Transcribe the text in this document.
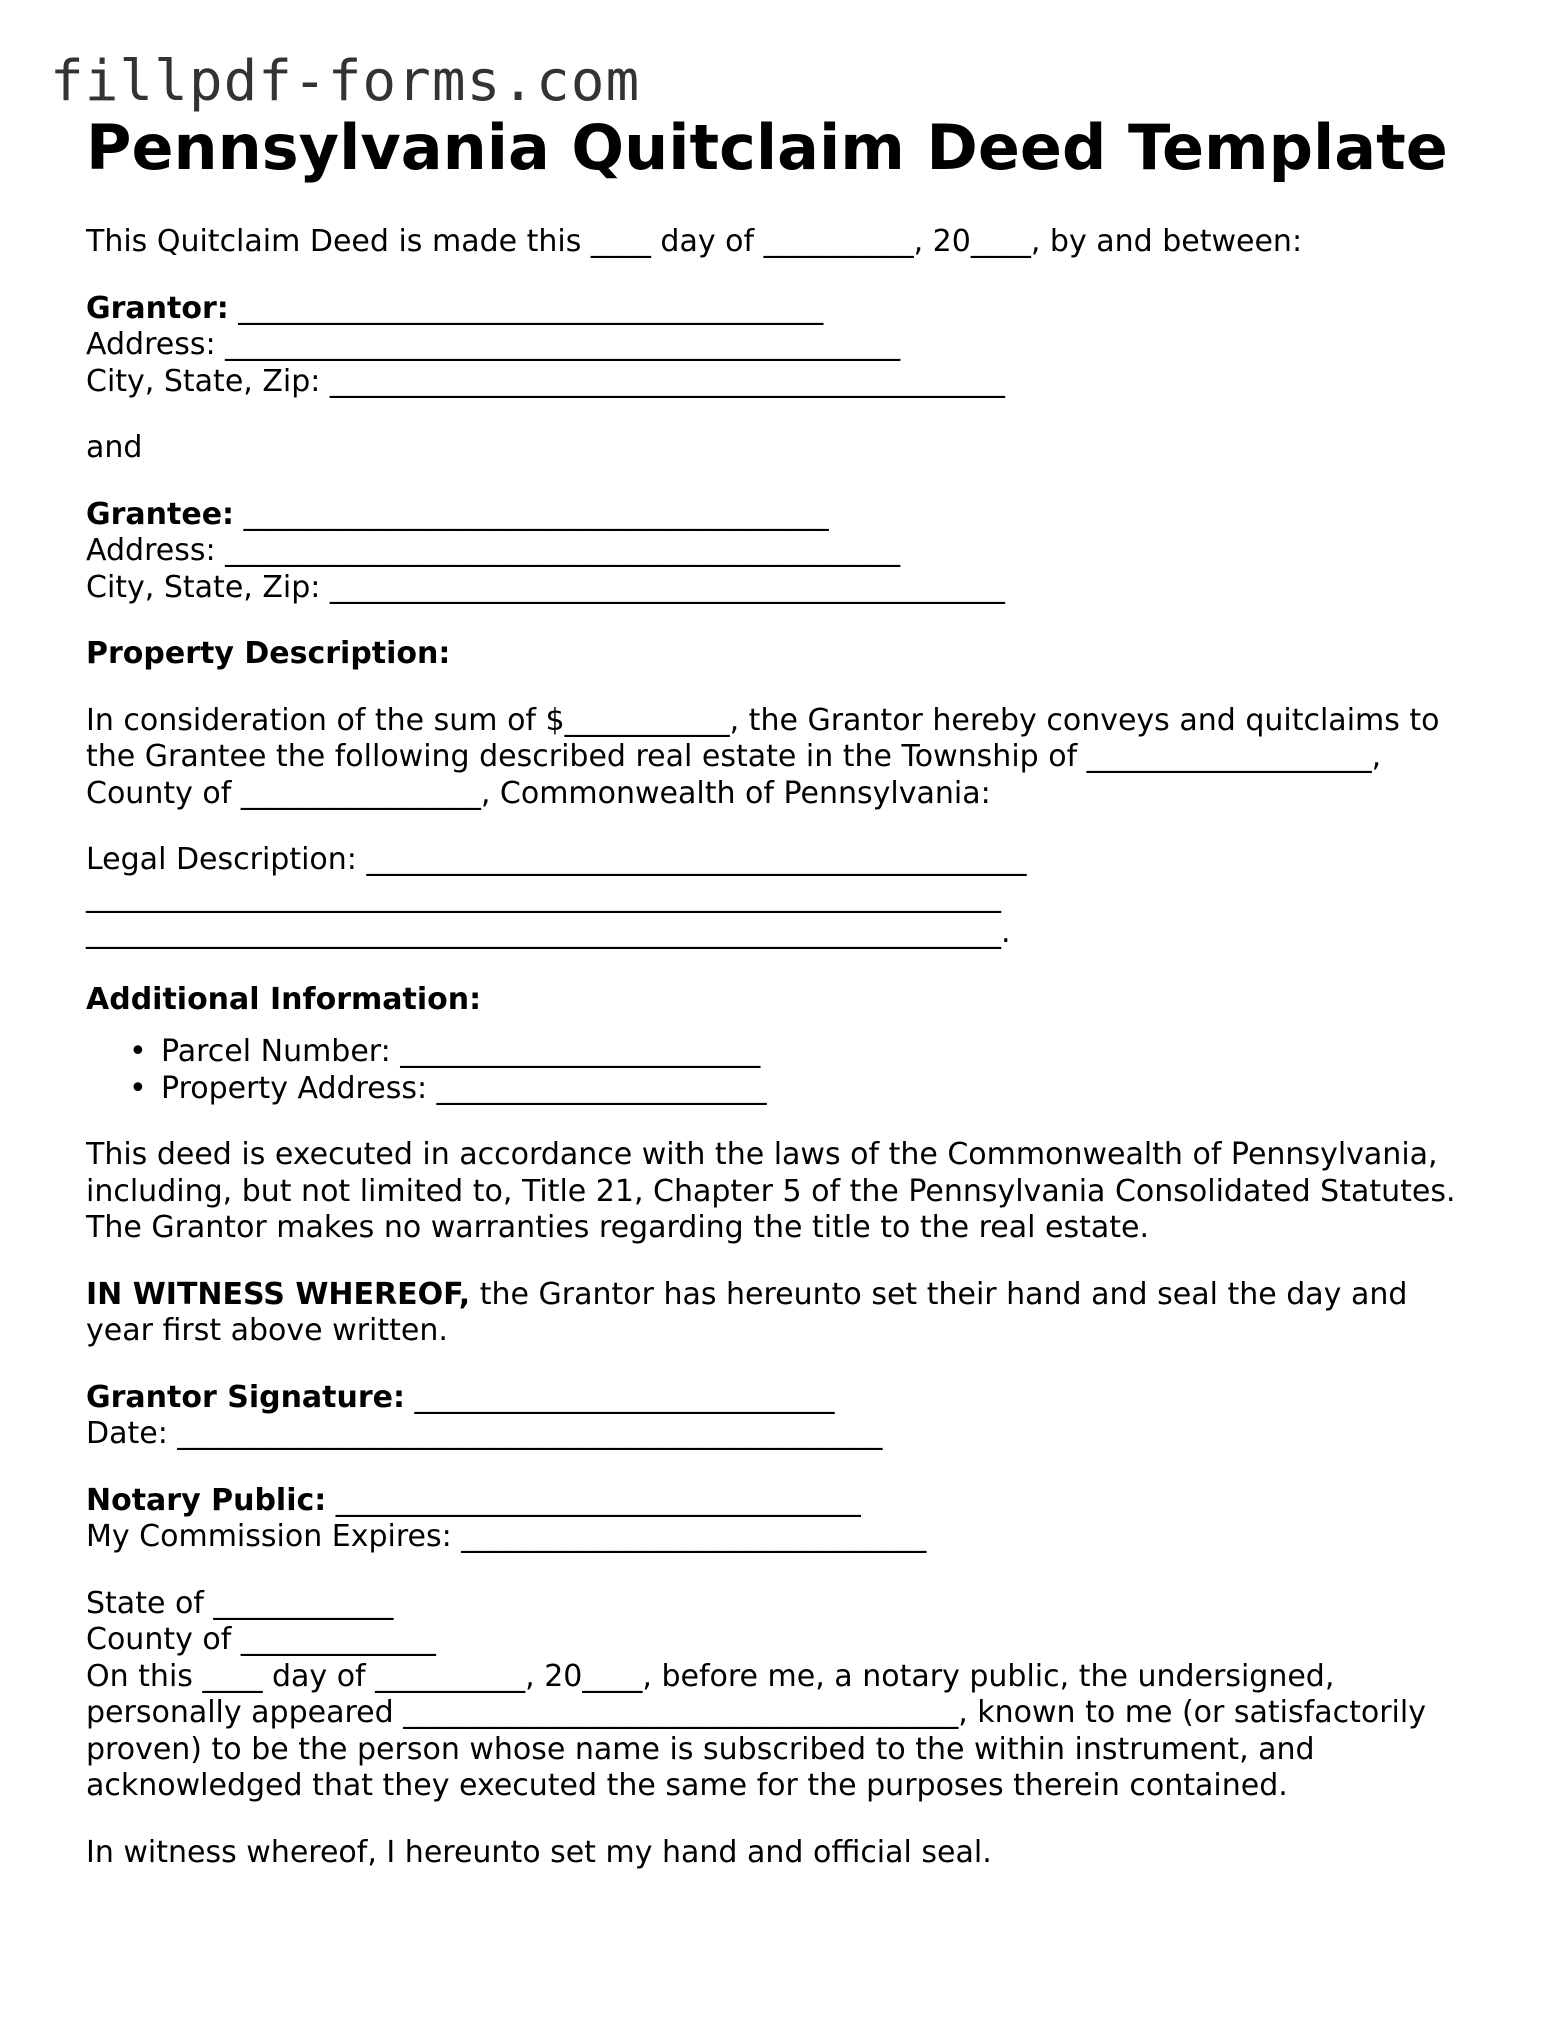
fillpdf-forms.com
Pennsylvania Quitclaim Deed Template

This Quitclaim Deed is made this ____ day of __________, 20____, by and between:

Grantor: _______________________________________
Address: _____________________________________________
City, State, Zip: _____________________________________________

and

Grantee: _______________________________________
Address: _____________________________________________
City, State, Zip: _____________________________________________

Property Description:

In consideration of the sum of $___________, the Grantor hereby conveys and quitclaims to
the Grantee the following described real estate in the Township of ___________________,
County of ________________, Commonwealth of Pennsylvania:

Legal Description: ____________________________________________
_____________________________________________________________
_____________________________________________________________.

Additional Information:

• Parcel Number: ________________________
• Property Address: ______________________

This deed is executed in accordance with the laws of the Commonwealth of Pennsylvania,
including, but not limited to, Title 21, Chapter 5 of the Pennsylvania Consolidated Statutes.
The Grantor makes no warranties regarding the title to the real estate.

IN WITNESS WHEREOF, the Grantor has hereunto set their hand and seal the day and
year first above written.

Grantor Signature: ____________________________
Date: _______________________________________________

Notary Public: ___________________________________
My Commission Expires: _______________________________

State of ____________
County of _____________
On this ____ day of __________, 20____, before me, a notary public, the undersigned,
personally appeared _____________________________________, known to me (or satisfactorily
proven) to be the person whose name is subscribed to the within instrument, and
acknowledged that they executed the same for the purposes therein contained.

In witness whereof, I hereunto set my hand and official seal.
